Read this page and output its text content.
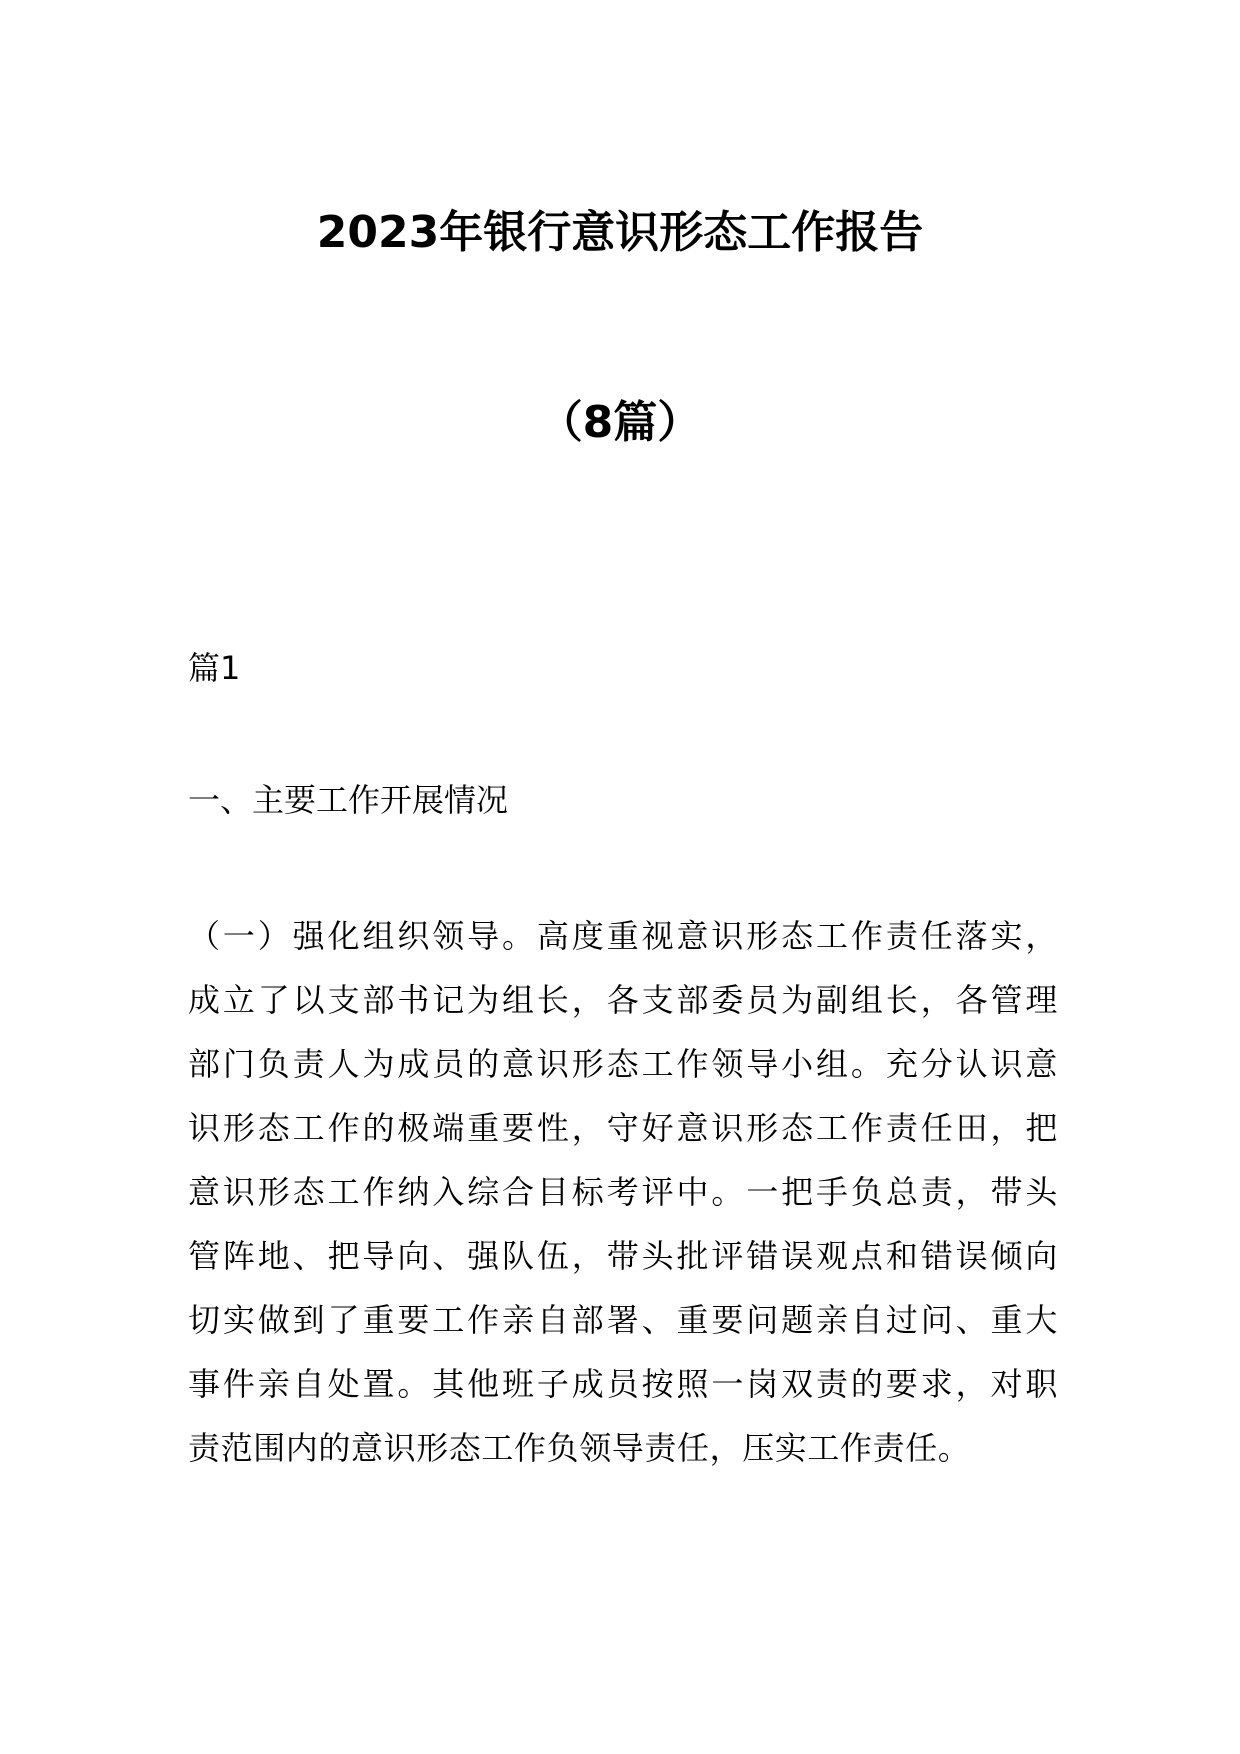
2023年银行意识形态工作报告
（8篇）
篇1
一、主要工作开展情况
（一）强化组织领导。高度重视意识形态工作责任落实，
成立了以支部书记为组长，各支部委员为副组长，各管理
部门负责人为成员的意识形态工作领导小组。充分认识意
识形态工作的极端重要性，守好意识形态工作责任田，把
意识形态工作纳入综合目标考评中。一把手负总责，带头
管阵地、把导向、强队伍，带头批评错误观点和错误倾向
切实做到了重要工作亲自部署、重要问题亲自过问、重大
事件亲自处置。其他班子成员按照一岗双责的要求，对职
责范围内的意识形态工作负领导责任，压实工作责任。
